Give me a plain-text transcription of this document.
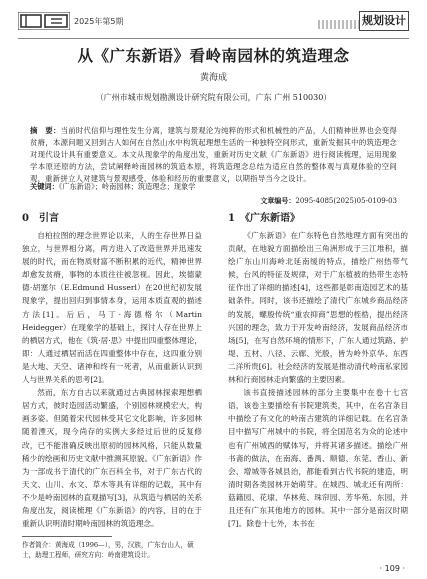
2025年第5期	规划设计
从《广东新语》看岭南园林的筑造理念
黄海成
（广州市城市规划勘测设计研究院有限公司，广东 广州 510030）
摘　要：当前时代信仰与理性发生分离，建筑与景观沦为纯粹的形式和机械性的产品，人们精神世界也会变得贫瘠，本源问题又回到古人如何在自然山水中构筑起理想生活的一种独特空间形式，重新发掘其中的筑造理念对现代设计具有重要意义。本文从现象学的角度出发，重新对历史文献《广东新语》进行阅读梳理，运用现象学本原还原的方法，尝试阐释岭南园林的筑造本原，将筑造理念总结为适应自然的整体观与真观体验的空间观，重新拼立人对建筑与景观感受、体验和经历的重要意义，以期指导当今之设计。
关键词：《广东新语》；岭南园林；筑造理念；现象学
文章编号：2095-4085(2025)05-0109-03
0　引言

自柏拉图的理念世界论以来，人的生存世界日益独立，与世界相分离，两方进入了改造世界并迅速发展的时代，而在物质财富不断积累的近代，精神世界却愈发贫瘠，事物的本质往往被忽视。因此，埃德蒙德·胡塞尔（E.Edmund Husserl）在20世纪初发展现象学，提出回归到事情本身，运用本质直观的描述方法[1]。后后，马丁·海德格尔（Martin Heidegger）在现象学的基础上，探讨人存在世界上的栖居方式，他在《筑·居·思》中提出四重整体理论，即：人通过栖居而活在四重整体中存在，这四重分别是大地、天空、诸神和终有一死者，从而重新认识到人与世界关系的思考[2]。

然而，东方自古以来就通过古典园林探索理想栖居方式，彼时造园活动繁盛，个别园林规模宏大，构画多姿。但随着宋代园林受其它文化影响，许多园林随着湮灭，现今尚存的实例大多经过后世的反复修改，已不能准确反映出原初的园林风格，只能从数量稀少的绘画和历史文献中推测其原貌。《广东新语》作为一部成书于清代的广东百科全书，对于广东古代的天文、山川、水文、草木等具有详细的记载，其中有不少是岭南园林的直观描写[3]，从筑造与栖居的关系角度出发，阅读梳理《广东新语》的内容，目的在于重新认识明清时期岭南园林的筑造理念。

1　《广东新语》

《广东新语》在广东特色自然地理方面有突出的贡献，在地貌方面描绘出三角洲形成于三江堆积，描绘广东山川海岭北延南缓的特点，描绘广州热带气候，台风的特征及规律，对于广东植被的热带生态特征作出了详细的描述[4]，这些都是彰南造园艺术的基础条件。同时，该书还描绘了清代广东城乡商品经济的发展，螺殷传统“重农抑商”思想的桎梏，提出经济兴国的理念，致力于开发岭南经济，发展商品经济市场[5]，在写自然环境的情形下，广东人通过筑路、护堤、五材、八径、云廊、光殷，皆为岭外京华、东西二洋所贵[6]。社会经济的发展是推动清代岭南私家园林和行商园林走向繁盛的主要因素。

该书直接描述园林的部分主要集中在卷十七宫语，该卷主要描绘有书院建筑类，其中，在名宫条目中描绘了有文化的岭南古建筑的详细记载。在名宫条目中描写广州城中的书院，将全国范名为众的论述中也有广州城西的赋体写，并将其诸多描述。描绘广州书斋的做法，在南海、番禺、顺德、东莞、香山、新会、增城等各城县治，都能看到古代书院的建造，明清时期各类园林开始萌芽。在城西、城北还有两所：菇籍园、花埭、华林苑、珠帘园、芳华苑、东园，并且还有广东其他地方的园林。其中一部分是南汉时期[7]。除卷十七外，本书在

作者简介：黄海成（1996—），男，汉族，广东台山人，硕士，助理工程师，研究方向：岭南建筑设计。
· 109 ·
